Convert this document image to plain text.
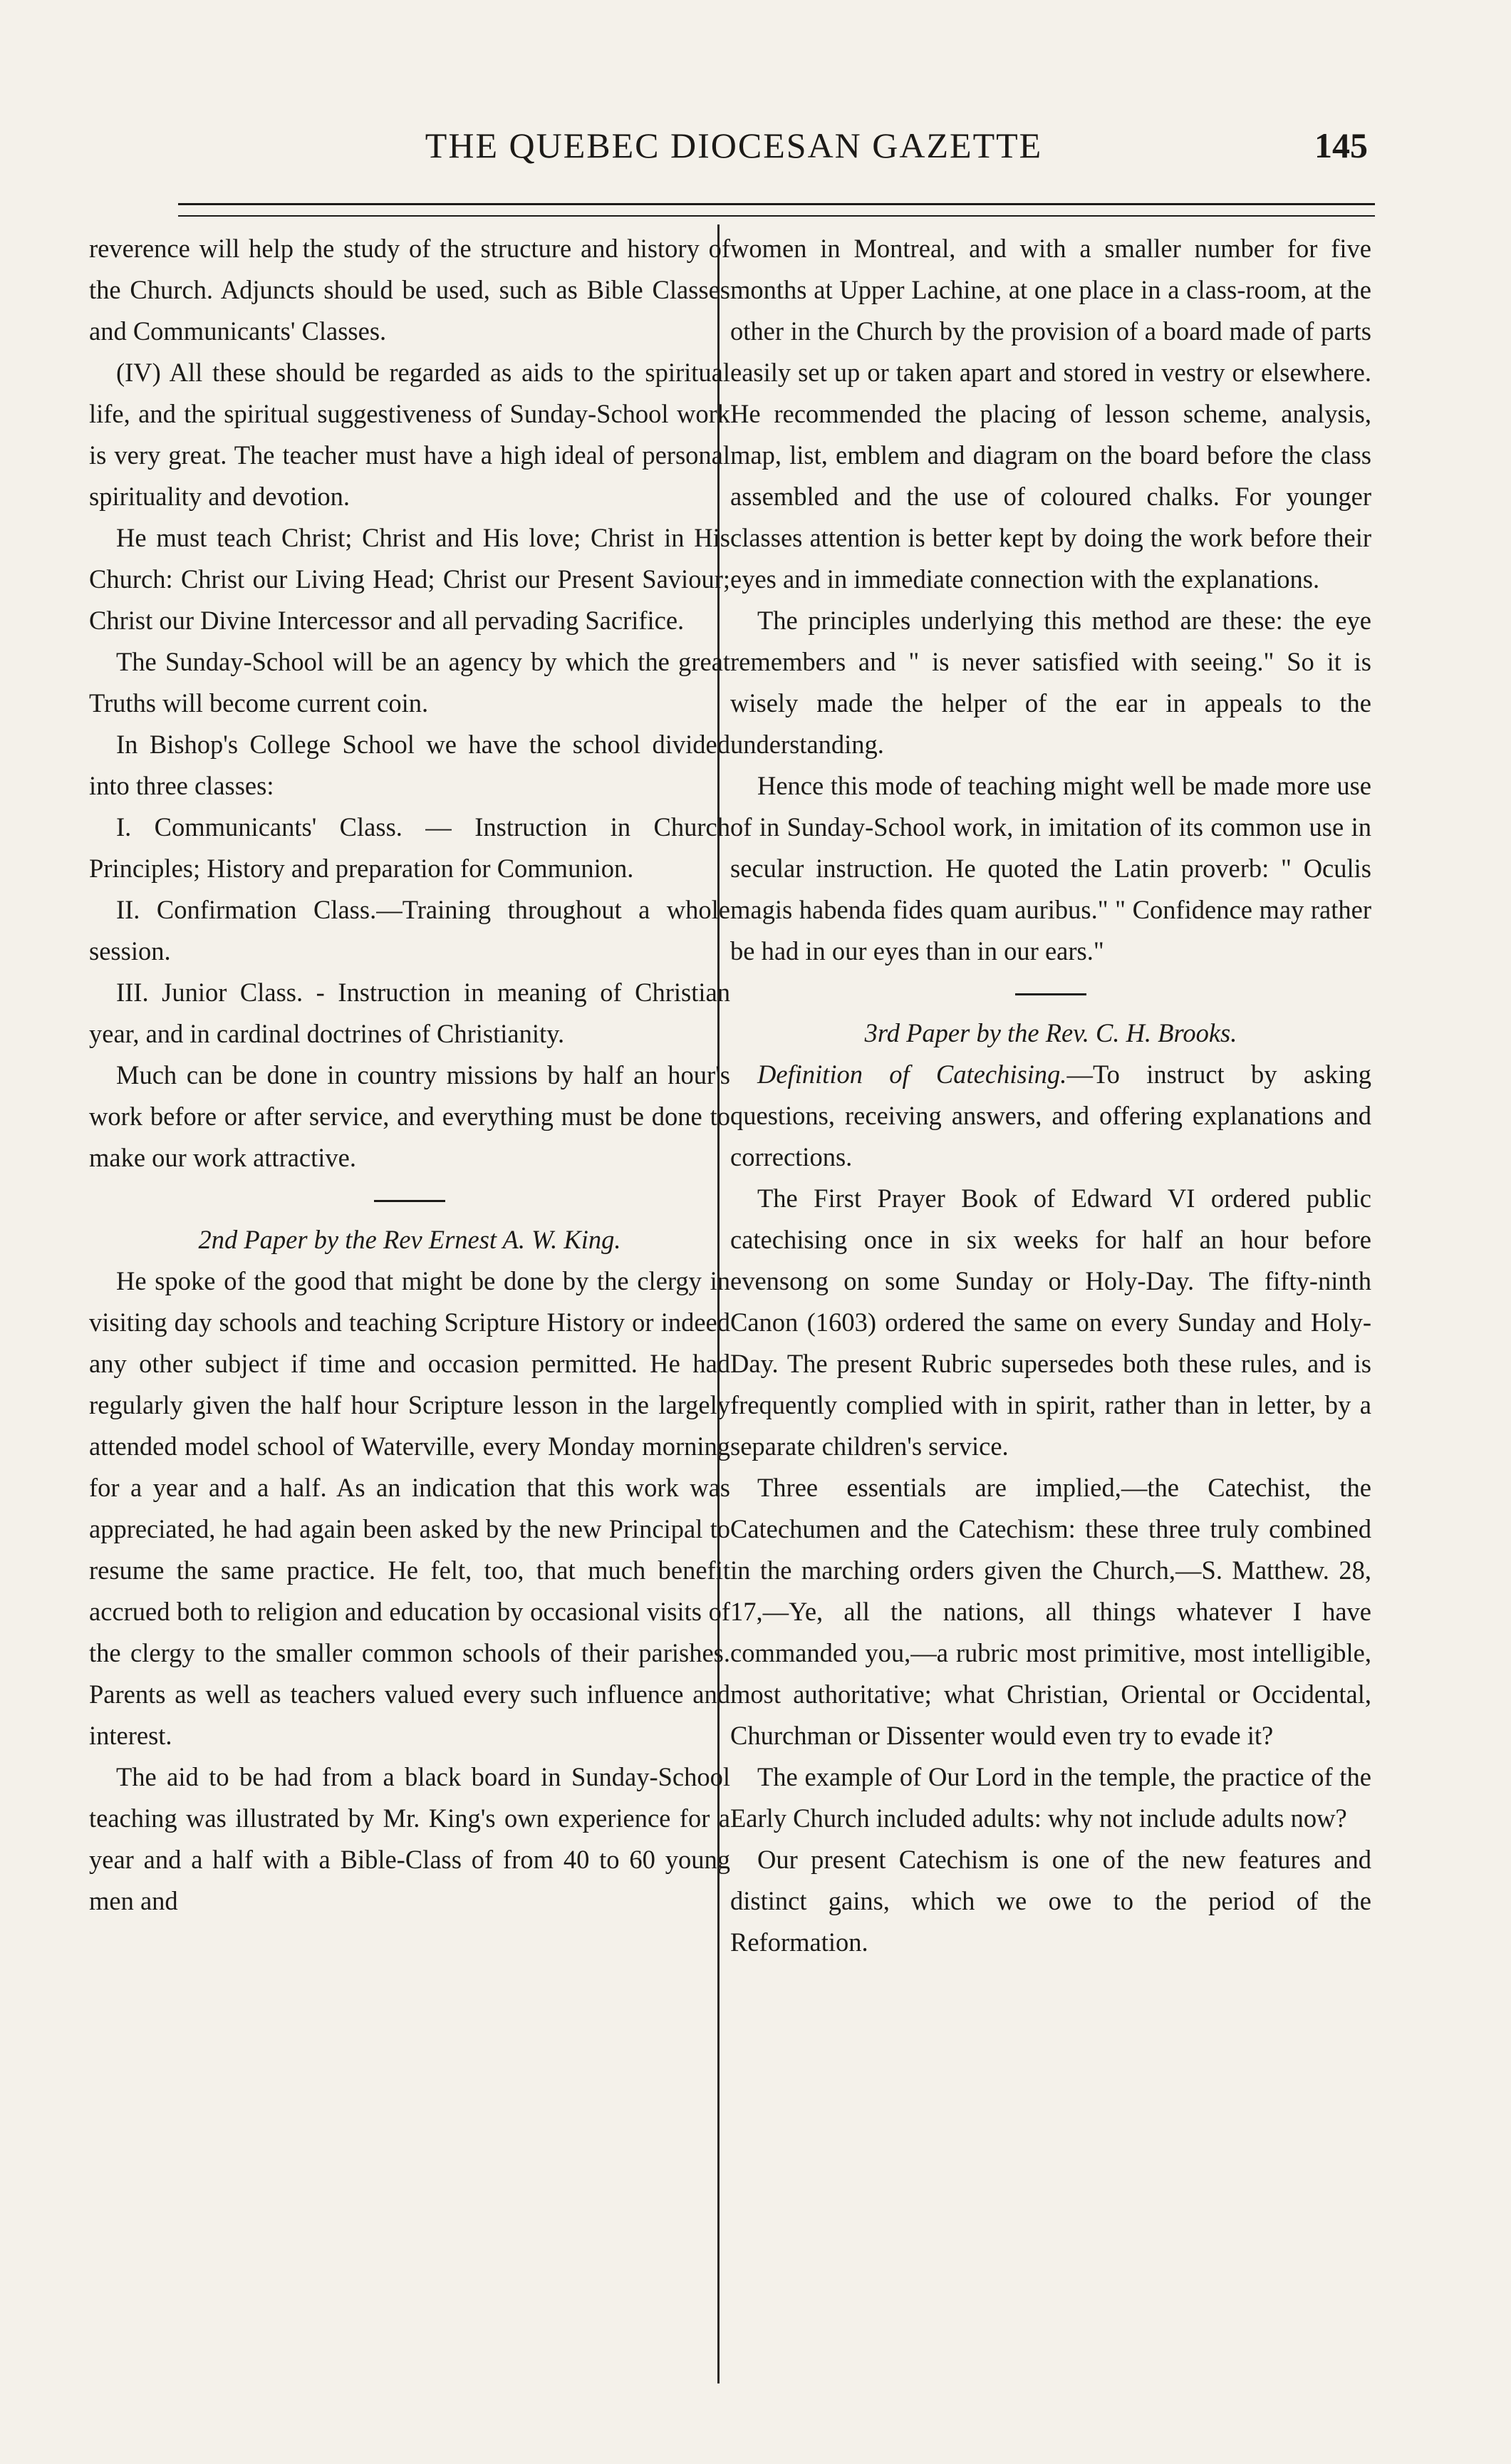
THE QUEBEC DIOCESAN GAZETTE	145

reverence will help the study of the structure and history of the Church. Adjuncts should be used, such as Bible Classes and Communicants' Classes.

(IV) All these should be regarded as aids to the spiritual life, and the spiritual suggestiveness of Sunday-School work is very great. The teacher must have a high ideal of personal spirituality and devotion.

He must teach Christ; Christ and His love; Christ in His Church: Christ our Living Head; Christ our Present Saviour; Christ our Divine Intercessor and all pervading Sacrifice.

The Sunday-School will be an agency by which the great Truths will become current coin.

In Bishop's College School we have the school divided into three classes:

I. Communicants' Class. — Instruction in Church Principles; History and preparation for Communion.

II. Confirmation Class.—Training throughout a whole session.

III. Junior Class. - Instruction in meaning of Christian year, and in cardinal doctrines of Christianity.

Much can be done in country missions by half an hour's work before or after service, and everything must be done to make our work attractive.

2nd Paper by the Rev Ernest A. W. King.

He spoke of the good that might be done by the clergy in visiting day schools and teaching Scripture History or indeed any other subject if time and occasion permitted. He had regularly given the half hour Scripture lesson in the largely attended model school of Waterville, every Monday morning for a year and a half. As an indication that this work was appreciated, he had again been asked by the new Principal to resume the same practice. He felt, too, that much benefit accrued both to religion and education by occasional visits of the clergy to the smaller common schools of their parishes. Parents as well as teachers valued every such influence and interest.

The aid to be had from a black board in Sunday-School teaching was illustrated by Mr. King's own experience for a year and a half with a Bible-Class of from 40 to 60 young men and

women in Montreal, and with a smaller number for five months at Upper Lachine, at one place in a class-room, at the other in the Church by the provision of a board made of parts easily set up or taken apart and stored in vestry or elsewhere. He recommended the placing of lesson scheme, analysis, map, list, emblem and diagram on the board before the class assembled and the use of coloured chalks. For younger classes attention is better kept by doing the work before their eyes and in immediate connection with the explanations.

The principles underlying this method are these: the eye remembers and " is never satisfied with seeing." So it is wisely made the helper of the ear in appeals to the understanding.

Hence this mode of teaching might well be made more use of in Sunday-School work, in imitation of its common use in secular instruction. He quoted the Latin proverb: " Oculis magis habenda fides quam auribus." " Confidence may rather be had in our eyes than in our ears."

3rd Paper by the Rev. C. H. Brooks.

Definition of Catechising.—To instruct by asking questions, receiving answers, and offering explanations and corrections.

The First Prayer Book of Edward VI ordered public catechising once in six weeks for half an hour before evensong on some Sunday or Holy-Day. The fifty-ninth Canon (1603) ordered the same on every Sunday and Holy-Day. The present Rubric supersedes both these rules, and is frequently complied with in spirit, rather than in letter, by a separate children's service.

Three essentials are implied,—the Catechist, the Catechumen and the Catechism: these three truly combined in the marching orders given the Church,—S. Matthew. 28, 17,—Ye, all the nations, all things whatever I have commanded you,—a rubric most primitive, most intelligible, most authoritative; what Christian, Oriental or Occidental, Churchman or Dissenter would even try to evade it?

The example of Our Lord in the temple, the practice of the Early Church included adults: why not include adults now?

Our present Catechism is one of the new features and distinct gains, which we owe to the period of the Reformation.
